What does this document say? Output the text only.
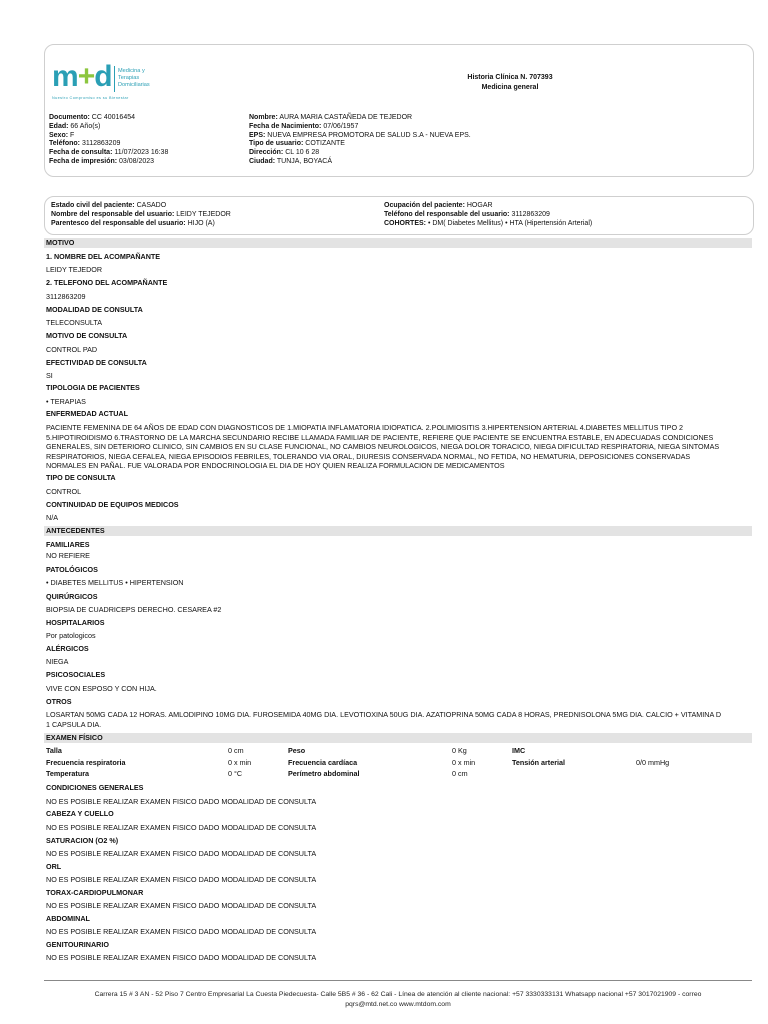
m+d Medicina y
Terapias
Domiciliarias
Nuestro Compromiso es su Bienestar
Historia Clínica N. 707393
Medicina general
Documento: CC 40016454
Edad: 66 Año(s)
Sexo: F
Teléfono: 3112863209
Fecha de consulta: 11/07/2023 16:38
Fecha de impresión: 03/08/2023
Nombre: AURA MARIA CASTAÑEDA DE TEJEDOR
Fecha de Nacimiento: 07/06/1957
EPS: NUEVA EMPRESA PROMOTORA DE SALUD S.A - NUEVA EPS.
Tipo de usuario: COTIZANTE
Dirección: CL 10 6 28
Ciudad: TUNJA, BOYACÁ
Estado civil del paciente: CASADO
Nombre del responsable del usuario: LEIDY TEJEDOR
Parentesco del responsable del usuario: HIJO (A)
Ocupación del paciente: HOGAR
Teléfono del responsable del usuario: 3112863209
COHORTES: • DM( Diabetes Mellitus) • HTA (Hipertensión Arterial)
MOTIVO
1. NOMBRE DEL ACOMPAÑANTE
LEIDY TEJEDOR
2. TELEFONO DEL ACOMPAÑANTE
3112863209
MODALIDAD DE CONSULTA
TELECONSULTA
MOTIVO DE CONSULTA
CONTROL PAD
EFECTIVIDAD DE CONSULTA
SI
TIPOLOGIA DE PACIENTES
• TERAPIAS
ENFERMEDAD ACTUAL
PACIENTE FEMENINA DE 64 AÑOS DE EDAD CON DIAGNOSTICOS DE 1.MIOPATIA INFLAMATORIA IDIOPATICA. 2.POLIMIOSITIS 3.HIPERTENSION ARTERIAL 4.DIABETES MELLITUS TIPO 2 5.HIPOTIROIDISMO 6.TRASTORNO DE LA MARCHA SECUNDARIO RECIBE LLAMADA FAMILIAR DE PACIENTE, REFIERE QUE PACIENTE SE ENCUENTRA ESTABLE, EN ADECUADAS CONDICIONES GENERALES, SIN DETERIORO CLINICO, SIN CAMBIOS EN SU CLASE FUNCIONAL, NO CAMBIOS NEUROLOGICOS, NIEGA DOLOR TORACICO, NIEGA DIFICULTAD RESPIRATORIA, NIEGA SINTOMAS RESPIRATORIOS, NIEGA CEFALEA, NIEGA EPISODIOS FEBRILES, TOLERANDO VIA ORAL, DIURESIS CONSERVADA NORMAL, NO FETIDA, NO HEMATURIA, DEPOSICIONES CONSERVADAS NORMALES EN PAÑAL. FUE VALORADA POR ENDOCRINOLOGIA EL DIA DE HOY QUIEN REALIZA FORMULACION DE MEDICAMENTOS
TIPO DE CONSULTA
CONTROL
CONTINUIDAD DE EQUIPOS MEDICOS
N/A
ANTECEDENTES
FAMILIARES
NO REFIERE
PATOLÓGICOS
• DIABETES MELLITUS • HIPERTENSION
QUIRÚRGICOS
BIOPSIA DE CUADRICEPS DERECHO. CESAREA #2
HOSPITALARIOS
Por patologicos
ALÉRGICOS
NIEGA
PSICOSOCIALES
VIVE CON ESPOSO Y CON HIJA.
OTROS
LOSARTAN 50MG CADA 12 HORAS. AMLODIPINO 10MG DIA. FUROSEMIDA 40MG DIA. LEVOTIOXINA 50UG DIA. AZATIOPRINA 50MG CADA 8 HORAS, PREDNISOLONA 5MG DIA. CALCIO + VITAMINA D 1 CAPSULA DIA.
EXAMEN FÍSICO
Talla	0 cm	Peso	0 Kg	IMC
Frecuencia respiratoria	0 x min	Frecuencia cardíaca	0 x min	Tensión arterial	0/0 mmHg
Temperatura	0 °C	Perímetro abdominal	0 cm
CONDICIONES GENERALES
NO ES POSIBLE REALIZAR EXAMEN FISICO DADO MODALIDAD DE CONSULTA
CABEZA Y CUELLO
NO ES POSIBLE REALIZAR EXAMEN FISICO DADO MODALIDAD DE CONSULTA
SATURACION (O2 %)
NO ES POSIBLE REALIZAR EXAMEN FISICO DADO MODALIDAD DE CONSULTA
ORL
NO ES POSIBLE REALIZAR EXAMEN FISICO DADO MODALIDAD DE CONSULTA
TORAX-CARDIOPULMONAR
NO ES POSIBLE REALIZAR EXAMEN FISICO DADO MODALIDAD DE CONSULTA
ABDOMINAL
NO ES POSIBLE REALIZAR EXAMEN FISICO DADO MODALIDAD DE CONSULTA
GENITOURINARIO
NO ES POSIBLE REALIZAR EXAMEN FISICO DADO MODALIDAD DE CONSULTA
Carrera 15 # 3 AN - 52 Piso 7 Centro Empresarial La Cuesta Piedecuesta- Calle 5B5 # 36 - 62 Cali - Línea de atención al cliente nacional: +57 3330333131 Whatsapp nacional +57 3017021909 - correo
pqrs@mtd.net.co www.mtdom.com
